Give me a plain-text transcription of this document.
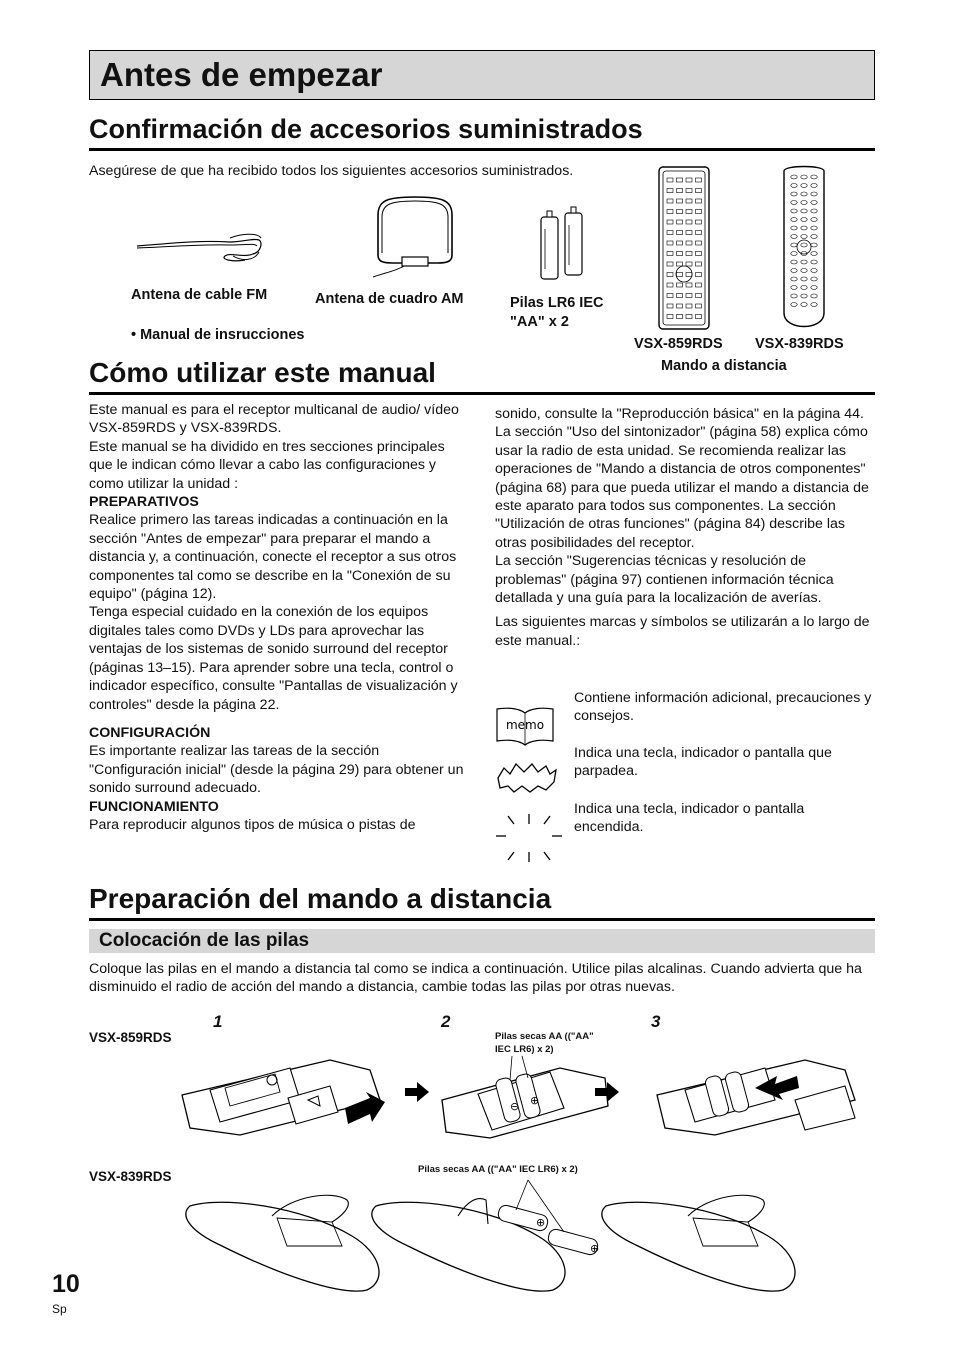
Antes de empezar
Confirmación de accesorios suministrados
Asegúrese de que ha recibido todos los siguientes accesorios suministrados.
Antena de cable FM	Antena de cuadro AM	Pilas LR6 IEC
"AA" x 2
• Manual de insrucciones
VSX-859RDS VSX-839RDS
Mando a distancia
Cómo utilizar este manual

Este manual es para el receptor multicanal de audio/ vídeo VSX-859RDS y VSX-839RDS.

Este manual se ha dividido en tres secciones principales que le indican cómo llevar a cabo las configuraciones y como utilizar la unidad :

PREPARATIVOS

Realice primero las tareas indicadas a continuación en la sección "Antes de empezar" para preparar el mando a distancia y, a continuación, conecte el receptor a sus otros componentes tal como se describe en la "Conexión de su equipo" (página 12).

Tenga especial cuidado en la conexión de los equipos digitales tales como DVDs y LDs para aprovechar las ventajas de los sistemas de sonido surround del receptor (páginas 13–15). Para aprender sobre una tecla, control o indicador específico, consulte "Pantallas de visualización y controles" desde la página 22.

CONFIGURACIÓN

Es importante realizar las tareas de la sección "Configuración inicial" (desde la página 29) para obtener un sonido surround adecuado.

FUNCIONAMIENTO

Para reproducir algunos tipos de música o pistas de

sonido, consulte la "Reproducción básica" en la página 44. La sección "Uso del sintonizador" (página 58) explica cómo usar la radio de esta unidad. Se recomienda realizar las operaciones de "Mando a distancia de otros componentes" (página 68) para que pueda utilizar el mando a distancia de este aparato para todos sus componentes. La sección "Utilización de otras funciones" (página 84) describe las otras posibilidades del receptor.

La sección "Sugerencias técnicas y resolución de problemas" (página 97) contienen información técnica detallada y una guía para la localización de averías.

Las siguientes marcas y símbolos se utilizarán a lo largo de este manual.:

memo
Contiene información adicional, precauciones y consejos.
Indica una tecla, indicador o pantalla que parpadea.
Indica una tecla, indicador o pantalla encendida.
Preparación del mando a distancia
Colocación de las pilas
Coloque las pilas en el mando a distancia tal como se indica a continuación. Utilice pilas alcalinas. Cuando advierta que ha disminuido el radio de acción del mando a distancia, cambie todas las pilas por otras nuevas.
VSX-859RDS
VSX-839RDS
1	2	3
Pilas secas AA (("AA"
IEC LR6) x 2)
Pilas secas AA (("AA" IEC LR6) x 2)
⊖ ⊕
⊕
⊕
10
Sp
